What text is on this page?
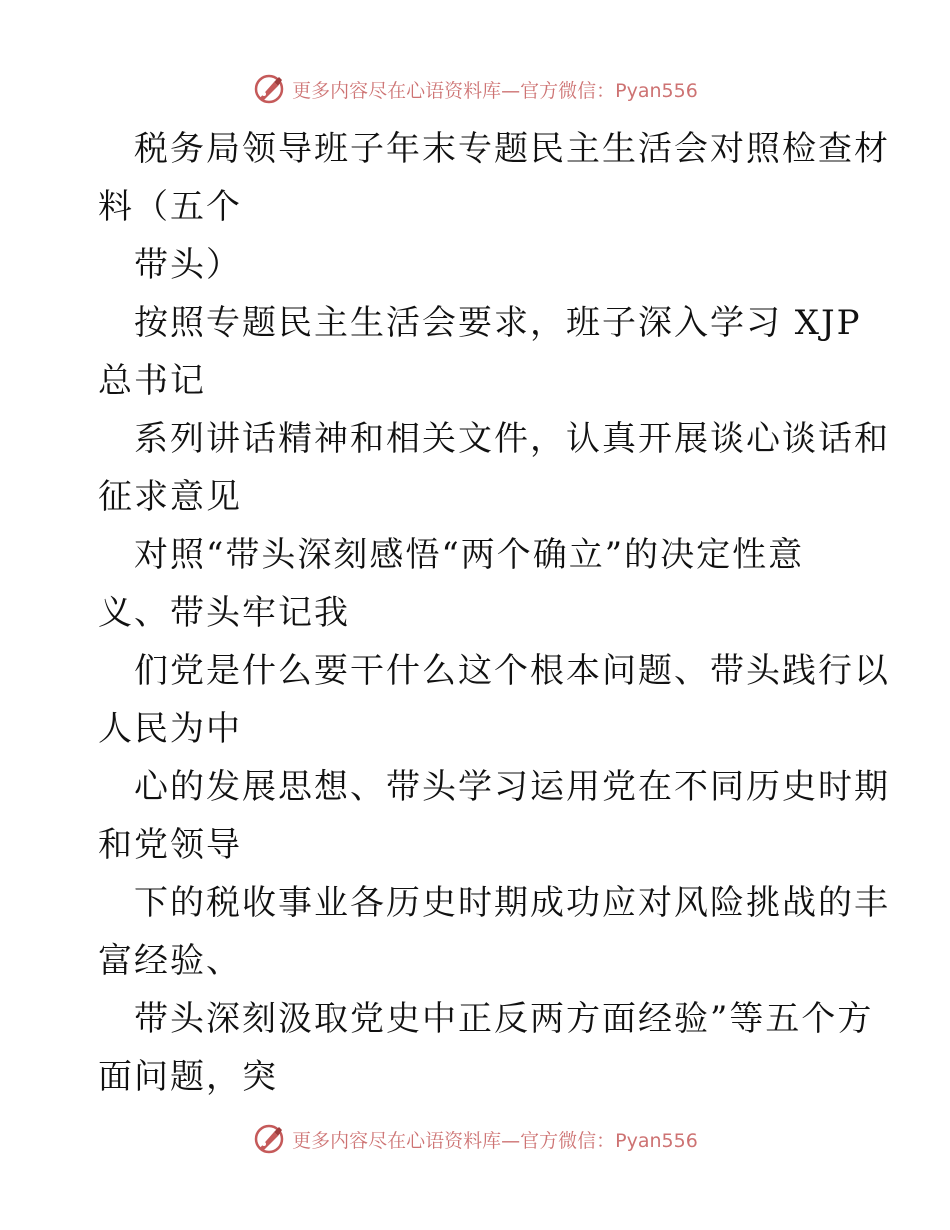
更多内容尽在心语资料库—官方微信：Pyan556

税务局领导班子年末专题民主生活会对照检查材

料（五个

带头）

按照专题民主生活会要求，班子深入学习 XJP

总书记

系列讲话精神和相关文件，认真开展谈心谈话和

征求意见

对照“带头深刻感悟“两个确立”的决定性意

义、带头牢记我

们党是什么要干什么这个根本问题、带头践行以

人民为中

心的发展思想、带头学习运用党在不同历史时期

和党领导

下的税收事业各历史时期成功应对风险挑战的丰

富经验、

带头深刻汲取党史中正反两方面经验”等五个方

面问题，突

更多内容尽在心语资料库—官方微信：Pyan556
